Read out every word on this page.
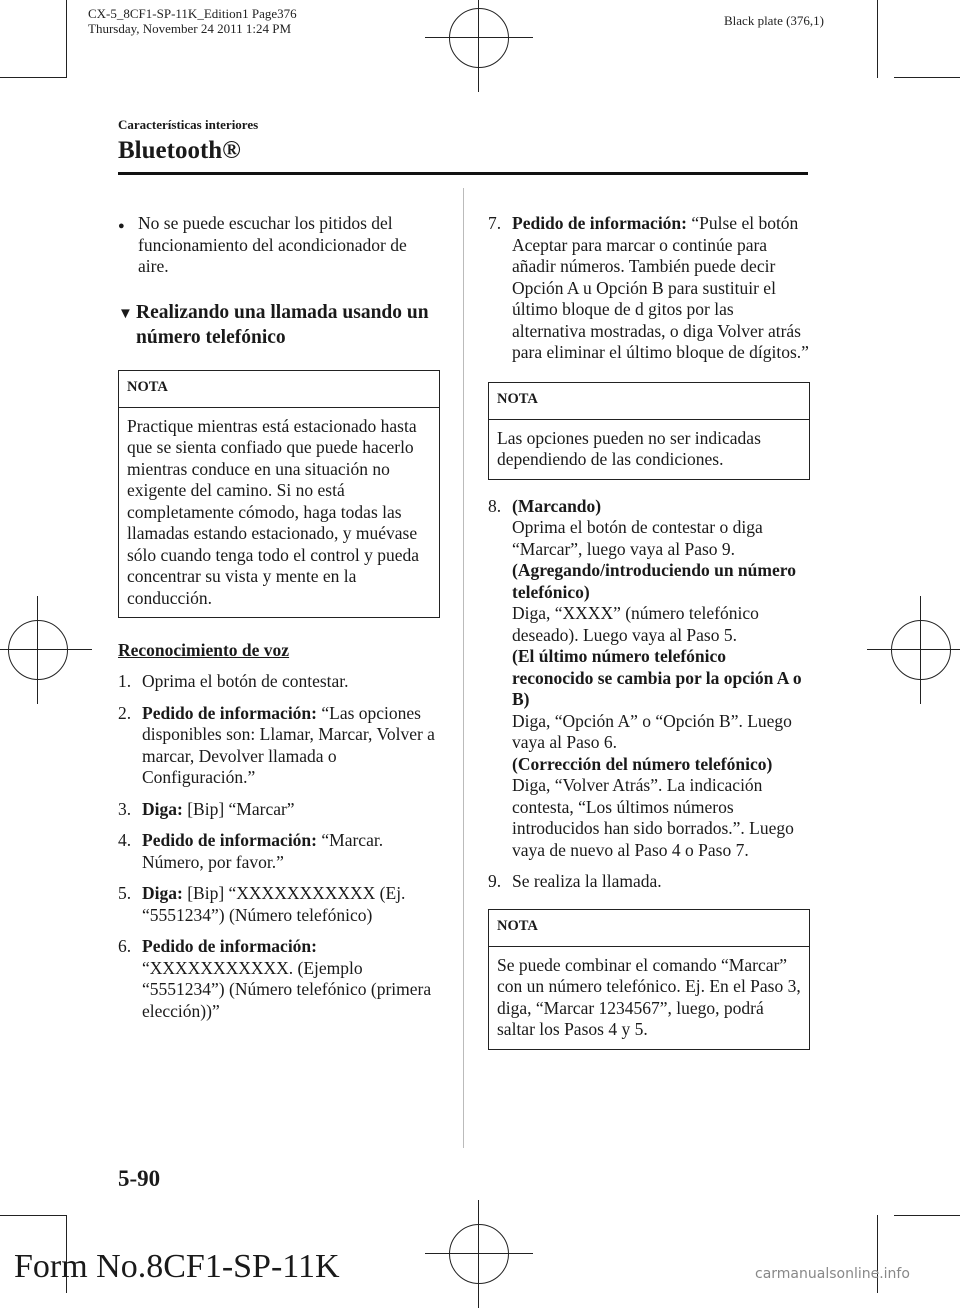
CX-5_8CF1-SP-11K_Edition1 Page376
Thursday, November 24 2011 1:24 PM
Black plate (376,1)
Características interiores
Bluetooth®
● No se puede escuchar los pitidos del funcionamiento del acondicionador de aire.
▼ Realizando una llamada usando un número telefónico
NOTA
Practique mientras está estacionado hasta que se sienta confiado que puede hacerlo mientras conduce en una situación no exigente del camino. Si no está completamente cómodo, haga todas las llamadas estando estacionado, y muévase sólo cuando tenga todo el control y pueda concentrar su vista y mente en la conducción.
Reconocimiento de voz
1. Oprima el botón de contestar.
2. Pedido de información: “Las opciones disponibles son: Llamar, Marcar, Volver a marcar, Devolver llamada o Configuración.”
3. Diga: [Bip] “Marcar”
4. Pedido de información: “Marcar. Número, por favor.”
5. Diga: [Bip] “XXXXXXXXXXX (Ej. “5551234”) (Número telefónico)
6. Pedido de información: “XXXXXXXXXXX. (Ejemplo “5551234”) (Número telefónico (primera elección))”
7. Pedido de información: “Pulse el botón Aceptar para marcar o continúe para añadir números. También puede decir Opción A u Opción B para sustituir el último bloque de d gitos por las alternativa mostradas, o diga Volver atrás para eliminar el último bloque de dígitos.”
NOTA
Las opciones pueden no ser indicadas dependiendo de las condiciones.
8. (Marcando)
Oprima el botón de contestar o diga “Marcar”, luego vaya al Paso 9.
(Agregando/introduciendo un número telefónico)
Diga, “XXXX” (número telefónico deseado). Luego vaya al Paso 5.
(El último número telefónico reconocido se cambia por la opción A o B)
Diga, “Opción A” o “Opción B”. Luego vaya al Paso 6.
(Corrección del número telefónico)
Diga, “Volver Atrás”. La indicación contesta, “Los últimos números introducidos han sido borrados.”. Luego vaya de nuevo al Paso 4 o Paso 7.
9. Se realiza la llamada.
NOTA
Se puede combinar el comando “Marcar” con un número telefónico. Ej. En el Paso 3, diga, “Marcar 1234567”, luego, podrá saltar los Pasos 4 y 5.
5-90
Form No.8CF1-SP-11K	carmanualsonline.info
